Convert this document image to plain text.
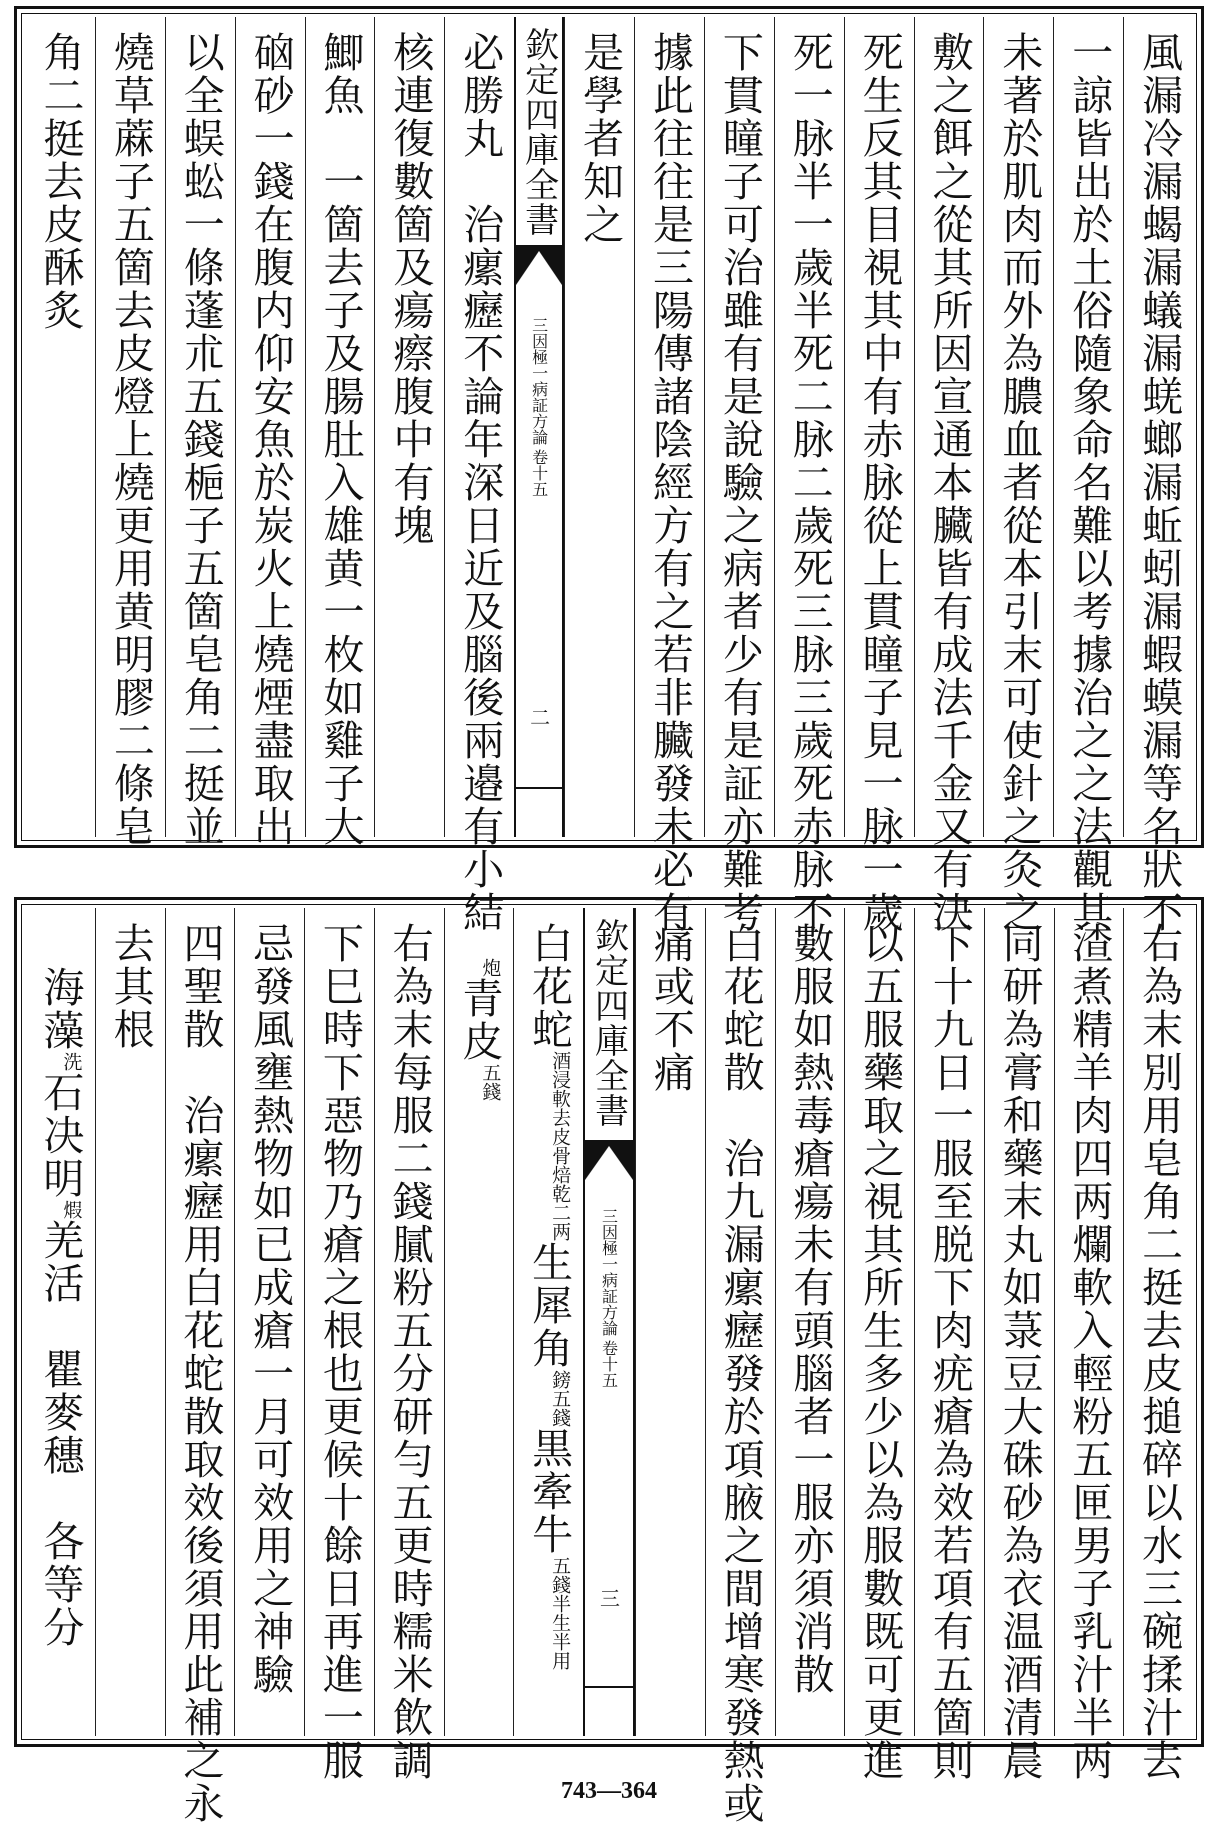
風漏冷漏蝎漏蟻漏蜣螂漏蚯蚓漏蝦蟆漏等名狀不
一諒皆出於土俗隨象命名難以考據治之之法觀其
未著於肌肉而外為膿血者從本引末可使針之灸之
敷之餌之從其所因宣通本臟皆有成法千金又有決
死生反其目視其中有赤脉從上貫瞳子見一脉一歲
死一脉半一歲半死二脉二歲死三脉三歲死赤脉不
下貫瞳子可治雖有是說驗之病者少有是証亦難考
據此往往是三陽傳諸陰經方有之若非臟發未必有
是學者知之
欽定四庫全書
卷十五
三因極一病証方論
二
必勝丸　治瘰癧不論年深日近及腦後兩邉有小結
核連復數箇及瘍瘵腹中有塊
鯽魚　一箇去子及腸肚入雄黄一枚如雞子大
硇砂一錢在腹内仰安魚於炭火上燒煙盡取出
以全蜈蚣一條蓬朮五錢梔子五箇皂角二挺並
燒草蔴子五箇去皮燈上燒更用黄明膠二條皂
角二挺去皮酥炙
右為末別用皂角二挺去皮搥碎以水三碗揉汁去
渣煮精羊肉四两爛軟入輕粉五匣男子乳汁半两
同研為膏和藥末丸如菉豆大硃砂為衣温酒清晨
下十九日一服至脱下肉疣瘡為效若項有五箇則
以五服藥取之視其所生多少以為服數既可更進
數服如熱毒瘡瘍未有頭腦者一服亦須消散
白花蛇散　治九漏瘰癧發於項腋之間增寒發熱或
痛或不痛
欽定四庫全書
卷十五
三因極一病証方論
三
白花蛇酒浸軟去皮骨焙乾二两生犀角鎊五錢黒牽牛五錢半生半用
炮青皮五錢
右為末每服二錢膩粉五分研勻五更時糯米飲調
下巳時下惡物乃瘡之根也更候十餘日再進一服
忌發風壅熱物如已成瘡一月可效用之神驗
四聖散　治瘰癧用白花蛇散取效後須用此補之永
去其根
海藻洗石决明煆羌活　瞿麥穗　各等分
743—364
